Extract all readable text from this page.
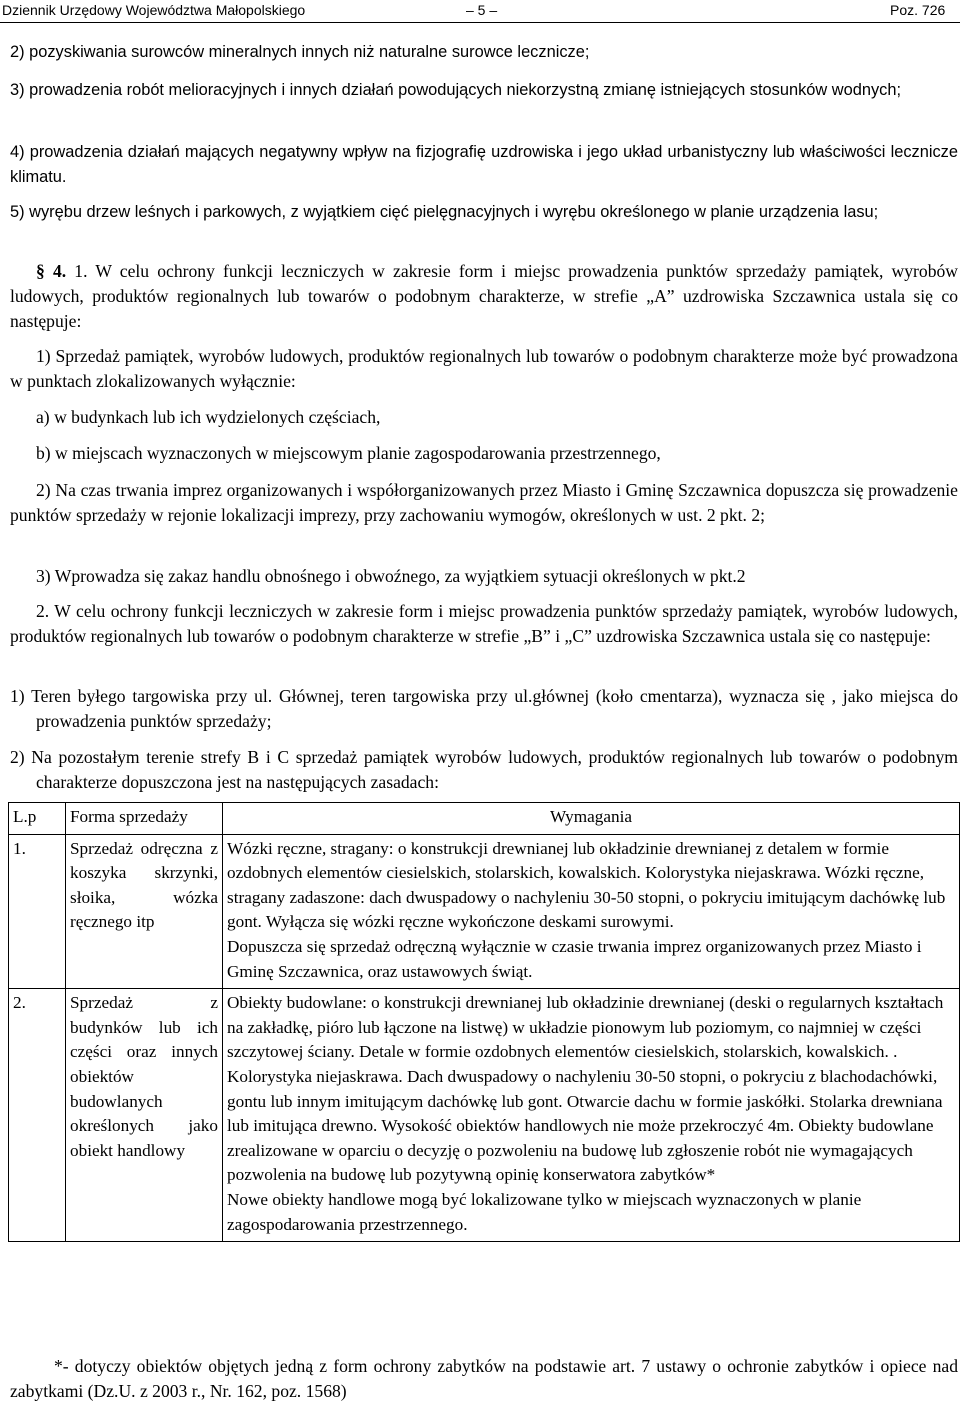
Dziennik Urzędowy Województwa Małopolskiego	– 5 –	Poz. 726

2) pozyskiwania surowców mineralnych innych niż naturalne surowce lecznicze;

3) prowadzenia robót melioracyjnych i innych działań powodujących niekorzystną zmianę istniejących stosunków wodnych;

4) prowadzenia działań mających negatywny wpływ na fizjografię uzdrowiska i jego układ urbanistyczny lub właściwości lecznicze klimatu.

5) wyrębu drzew leśnych i parkowych, z wyjątkiem cięć pielęgnacyjnych i wyrębu określonego w planie urządzenia lasu;

§ 4. 1. W celu ochrony funkcji leczniczych w zakresie form i miejsc prowadzenia punktów sprzedaży pamiątek, wyrobów ludowych, produktów regionalnych lub towarów o podobnym charakterze, w strefie „A” uzdrowiska Szczawnica ustala się co następuje:

1) Sprzedaż pamiątek, wyrobów ludowych, produktów regionalnych lub towarów o podobnym charakterze może być prowadzona w punktach zlokalizowanych wyłącznie:

a) w budynkach lub ich wydzielonych częściach,

b) w miejscach wyznaczonych w miejscowym planie zagospodarowania przestrzennego,

2) Na czas trwania imprez organizowanych i współorganizowanych przez Miasto i Gminę Szczawnica dopuszcza się prowadzenie punktów sprzedaży w rejonie lokalizacji imprezy, przy zachowaniu wymogów, określonych w ust. 2 pkt. 2;

3) Wprowadza się zakaz handlu obnośnego i obwoźnego, za wyjątkiem sytuacji określonych w pkt.2

2. W celu ochrony funkcji leczniczych w zakresie form i miejsc prowadzenia punktów sprzedaży pamiątek, wyrobów ludowych, produktów regionalnych lub towarów o podobnym charakterze w strefie „B” i „C” uzdrowiska Szczawnica ustala się co następuje:

1) Teren byłego targowiska przy ul. Głównej, teren targowiska przy ul.głównej (koło cmentarza), wyznacza się , jako miejsca do prowadzenia punktów sprzedaży;

2) Na pozostałym terenie strefy B i C sprzedaż pamiątek wyrobów ludowych, produktów regionalnych lub towarów o podobnym charakterze dopuszczona jest na następujących zasadach:

L.p	Forma sprzedaży	Wymagania
1.	Sprzedaż odręczna z koszyka skrzynki, słoika, wózka ręcznego itp	Wózki ręczne, stragany: o konstrukcji drewnianej lub okładzinie drewnianej z detalem w formie ozdobnych elementów ciesielskich, stolarskich, kowalskich. Kolorystyka niejaskrawa. Wózki ręczne, stragany zadaszone: dach dwuspadowy o nachyleniu 30-50 stopni, o pokryciu imitującym dachówkę lub gont. Wyłącza się wózki ręczne wykończone deskami surowymi.
Dopuszcza się sprzedaż odręczną wyłącznie w czasie trwania imprez organizowanych przez Miasto i Gminę Szczawnica, oraz ustawowych świąt.

2.	Sprzedaż z budynków lub ich części oraz innych obiektów budowlanych określonych jako obiekt handlowy	Obiekty budowlane: o konstrukcji drewnianej lub okładzinie drewnianej (deski o regularnych kształtach na zakładkę, pióro lub łączone na listwę) w układzie pionowym lub poziomym, co najmniej w części szczytowej ściany. Detale w formie ozdobnych elementów ciesielskich, stolarskich, kowalskich. . Kolorystyka niejaskrawa. Dach dwuspadowy o nachyleniu 30-50 stopni, o pokryciu z blachodachówki, gontu lub innym imitującym dachówkę lub gont. Otwarcie dachu w formie jaskółki. Stolarka drewniana lub imitująca drewno. Wysokość obiektów handlowych nie może przekroczyć 4m. Obiekty budowlane zrealizowane w oparciu o decyzję o pozwoleniu na budowę lub zgłoszenie robót nie wymagających pozwolenia na budowę lub pozytywną opinię konserwatora zabytków*
Nowe obiekty handlowe mogą być lokalizowane tylko w miejscach wyznaczonych w planie zagospodarowania przestrzennego.

*- dotyczy obiektów objętych jedną z form ochrony zabytków na podstawie art. 7 ustawy o ochronie zabytków i opiece nad zabytkami (Dz.U. z 2003 r., Nr. 162, poz. 1568)
